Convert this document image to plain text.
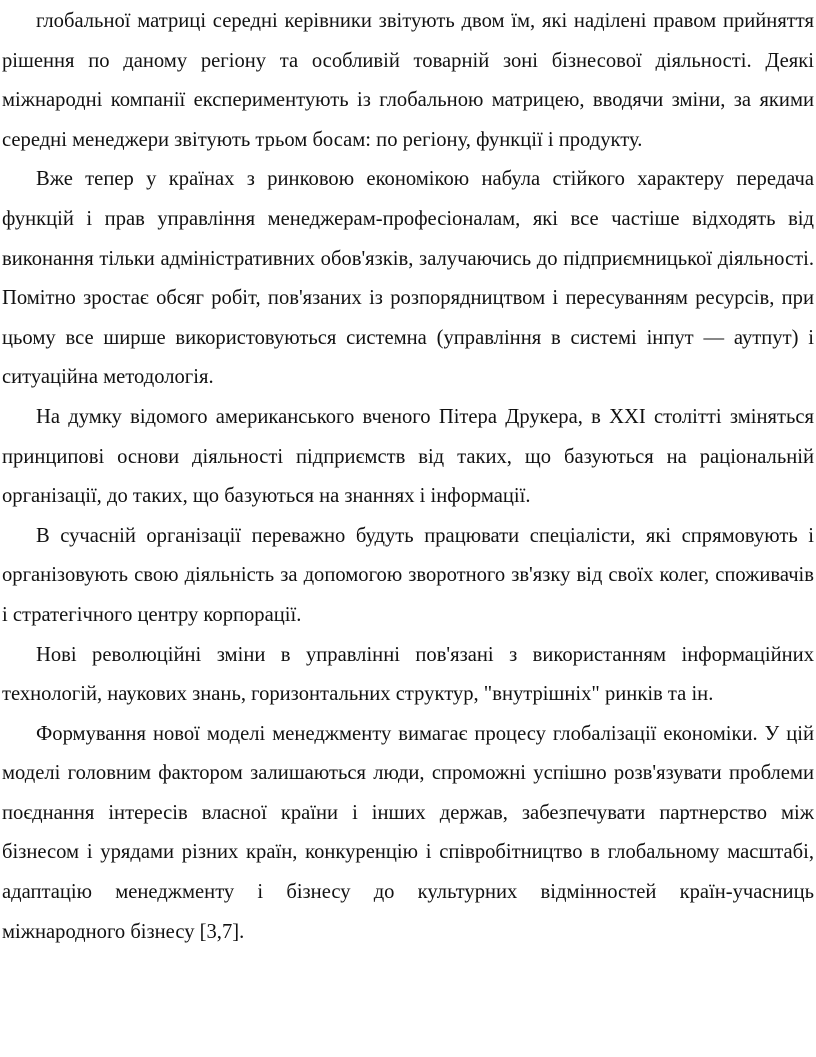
глобальної матриці середні керівники звітують двом їм, які наділені правом прийняття рішення по даному регіону та особливій товарній зоні бізнесової діяльності. Деякі міжнародні компанії експериментують із глобальною матрицею, вводячи зміни, за якими середні менеджери звітують трьом босам: по регіону, функції і продукту.

Вже тепер у країнах з ринковою економікою набула стійкого характеру передача функцій і прав управління менеджерам-професіоналам, які все частіше відходять від виконання тільки адміністративних обов'язків, залучаючись до підприємницької діяльності. Помітно зростає обсяг робіт, пов'язаних із розпорядництвом і пересуванням ресурсів, при цьому все ширше використовуються системна (управління в системі інпут — аутпут) і ситуаційна методологія.

На думку відомого американського вченого Пітера Друкера, в XXI столітті зміняться принципові основи діяльності підприємств від таких, що базуються на раціональній організації, до таких, що базуються на знаннях і інформації.

В сучасній організації переважно будуть працювати спеціалісти, які спрямовують і організовують свою діяльність за допомогою зворотного зв'язку від своїх колег, споживачів і стратегічного центру корпорації.

Нові революційні зміни в управлінні пов'язані з використанням інформаційних технологій, наукових знань, горизонтальних структур, "внутрішніх" ринків та ін.

Формування нової моделі менеджменту вимагає процесу глобалізації економіки. У цій моделі головним фактором залишаються люди, спроможні успішно розв'язувати проблеми поєднання інтересів власної країни і інших держав, забезпечувати партнерство між бізнесом і урядами різних країн, конкуренцію і співробітництво в глобальному масштабі, адаптацію менеджменту і бізнесу до культурних відмінностей країн-учасниць міжнародного бізнесу [3,7].
